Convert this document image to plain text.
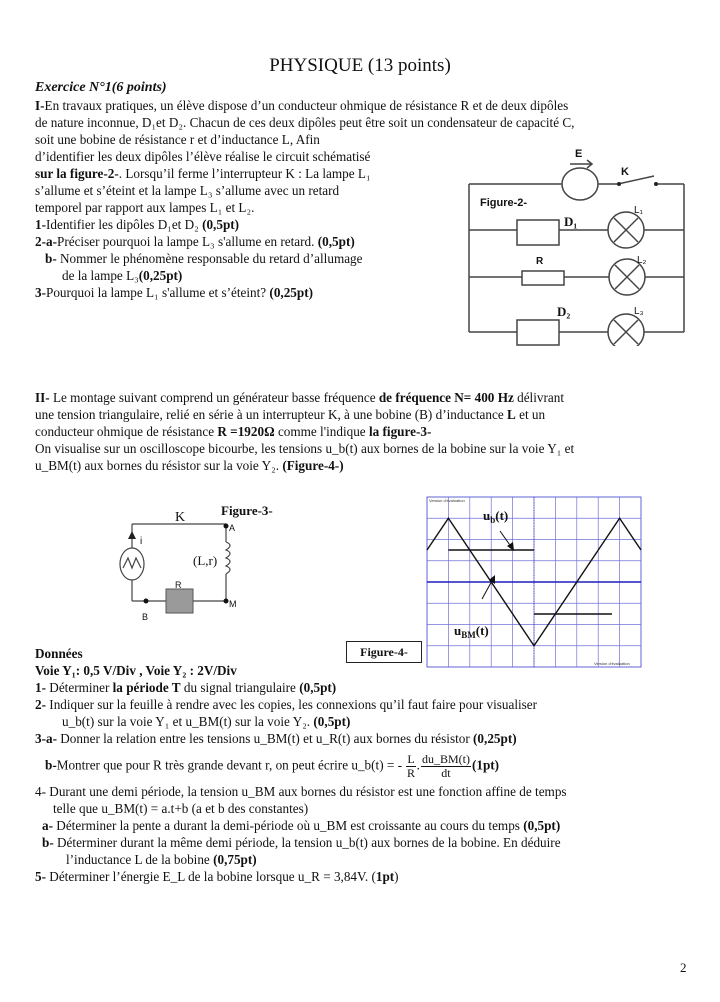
PHYSIQUE (13 points)
Exercice N°1(6 points)
I-En travaux pratiques, un élève dispose d’un conducteur ohmique de résistance R et de deux dipôles
de nature inconnue, D₁et D₂. Chacun de ces deux dipôles peut être soit un condensateur de capacité C,
soit une bobine de résistance r et d’inductance L, Afin
d’identifier les deux dipôles l’élève réalise le circuit schématisé
sur la figure-2-. Lorsqu’il ferme l’interrupteur K : La lampe L₁
s’allume et s’éteint et la lampe L₃ s’allume avec un retard
temporel par rapport aux lampes L₁ et L₂.
1-Identifier les dipôles D₁et D₂ (0,5pt)
2-a-Préciser pourquoi la lampe L₃ s'allume en retard. (0,5pt)
b- Nommer le phénomène responsable du retard d’allumage
de la lampe L₃(0,25pt)
3-Pourquoi la lampe L₁ s'allume et s’éteint? (0,25pt)
E
K
Figure-2-
D₁
L₁
R	L₂
D₂	L₃
II- Le montage suivant comprend un générateur basse fréquence de fréquence N= 400 Hz délivrant
une tension triangulaire, relié en série à un interrupteur K, à une bobine (B) d’inductance L et un
conducteur ohmique de résistance R =1920Ω comme l'indique la figure-3-
On visualise sur un oscilloscope bicourbe, les tensions u_b(t) aux bornes de la bobine sur la voie Y₁ et
u_BM(t) aux bornes du résistor sur la voie Y₂. (Figure-4-)
K
i
(L,r)
R
A
M
B
Figure-3-
Version d'évaluation
Version d'évaluation
$u_b(t)$
$u_{BM}(t)$
Figure-4-
Données
Voie Y₁: 0,5 V/Div , Voie Y₂ : 2V/Div
1- Déterminer la période T du signal triangulaire (0,5pt)
2- Indiquer sur la feuille à rendre avec les copies, les connexions qu’il faut faire pour visualiser
u_b(t) sur la voie Y₁ et u_BM(t) sur la voie Y₂. (0,5pt)
3-a- Donner la relation entre les tensions u_BM(t) et u_R(t) aux bornes du résistor (0,25pt)
b-Montrer que pour R très grande devant r, on peut écrire u_b(t) = - $\frac{L}{R}$ . $\frac{du\_BM(t)}{dt} (1pt)$
4- Durant une demi période, la tension u_BM aux bornes du résistor est une fonction affine de temps
telle que u_BM(t) = a.t+b (a et b des constantes)
a- Déterminer la pente a durant la demi-période où u_BM est croissante au cours du temps (0,5pt)
b- Déterminer durant la même demi période, la tension u_b(t) aux bornes de la bobine. En déduire
l’inductance L de la bobine (0,75pt)
5- Déterminer l’énergie E_L de la bobine lorsque u_R = 3,84V. (1pt)
2
